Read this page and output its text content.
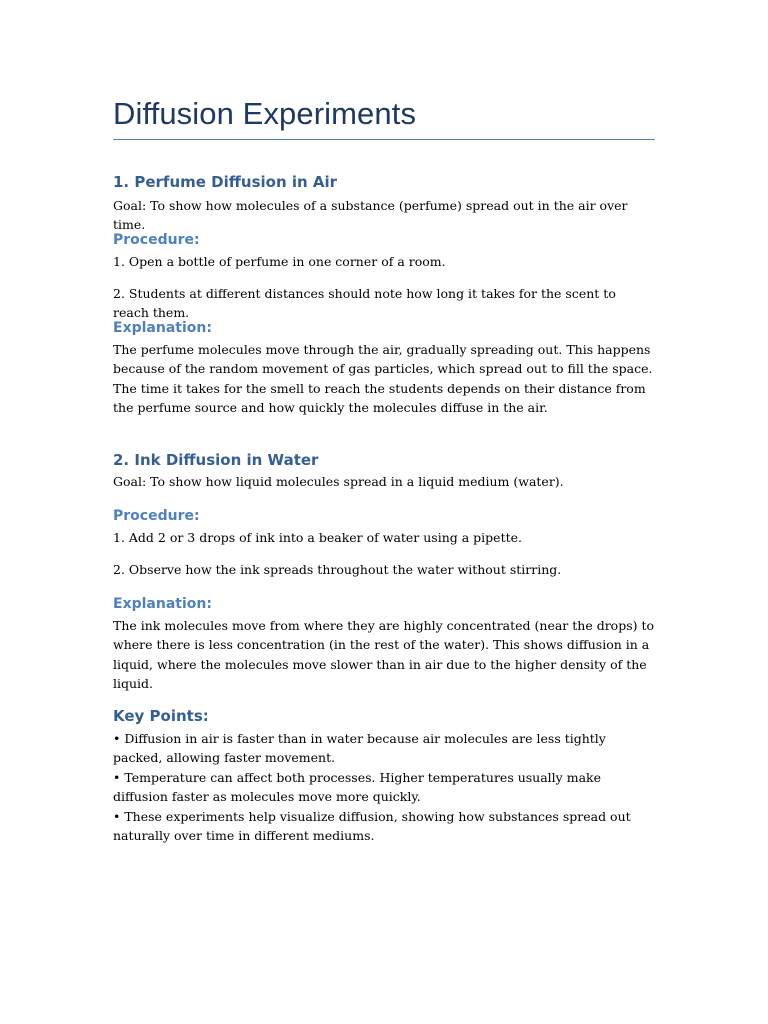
Diffusion Experiments
1. Perfume Diffusion in Air

Goal: To show how molecules of a substance (perfume) spread out in the air over time.

Procedure:

1. Open a bottle of perfume in one corner of a room.

2. Students at different distances should note how long it takes for the scent to reach them.

Explanation:

The perfume molecules move through the air, gradually spreading out. This happens because of the random movement of gas particles, which spread out to fill the space. The time it takes for the smell to reach the students depends on their distance from the perfume source and how quickly the molecules diffuse in the air.

2. Ink Diffusion in Water

Goal: To show how liquid molecules spread in a liquid medium (water).

Procedure:

1. Add 2 or 3 drops of ink into a beaker of water using a pipette.

2. Observe how the ink spreads throughout the water without stirring.

Explanation:

The ink molecules move from where they are highly concentrated (near the drops) to where there is less concentration (in the rest of the water). This shows diffusion in a liquid, where the molecules move slower than in air due to the higher density of the liquid.

Key Points:

• Diffusion in air is faster than in water because air molecules are less tightly packed, allowing faster movement.

• Temperature can affect both processes. Higher temperatures usually make diffusion faster as molecules move more quickly.

• These experiments help visualize diffusion, showing how substances spread out naturally over time in different mediums.
